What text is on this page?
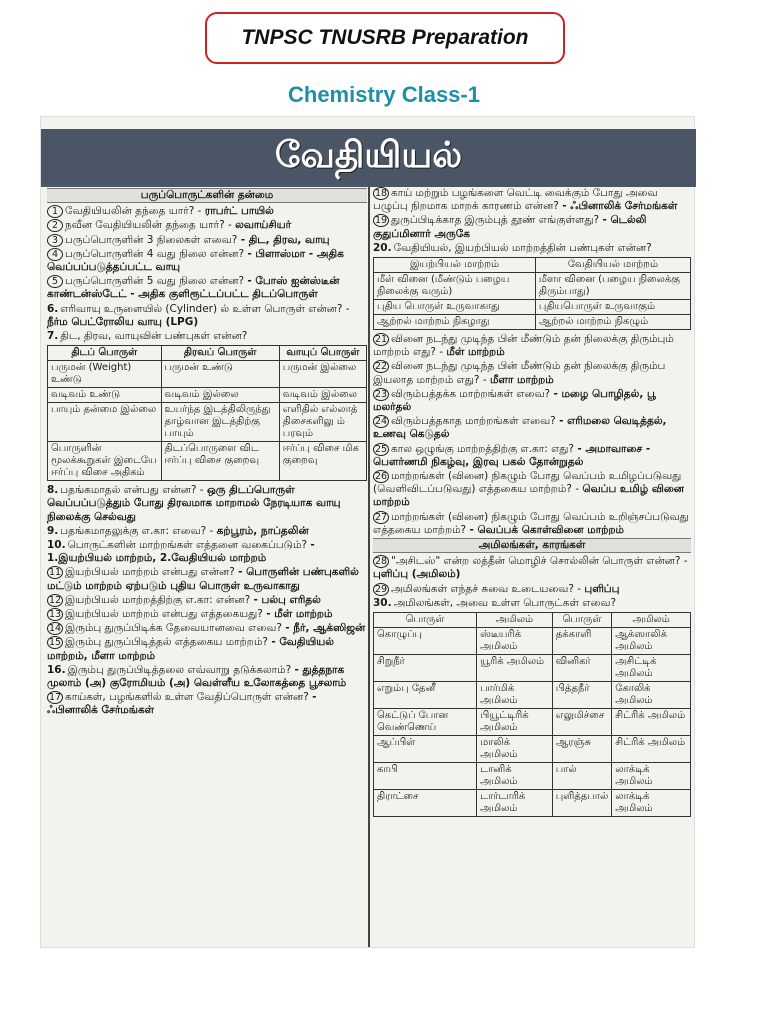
TNPSC TNUSRB Preparation
Chemistry Class-1
வேதியியல்
பருப்பொருட்களின் தன்மை
1 வேதியியலின் தந்தை யார்? - ராபர்ட் பாயில்
2 நவீன வேதியியலின் தந்தை யார்? - லவாய்சியர்
3 பருப்பொருளின் 3 நிலைகள் எவை? - திட, திரவ, வாயு
4 பருப்பொருளின் 4 வது நிலை என்ன? - பிளாஸ்மா - அதிக வெப்பப்படுத்தப்பட்ட வாயு
5 பருப்பொருளின் 5 வது நிலை என்ன? - போஸ் ஐன்ஸ்டீன் காண்டன்ஸ்டேட் - அதிக குளிரூட்டப்பட்ட திடப்பொருள்
6. எரிவாயு உருளையில் (Cylinder) ல் உள்ள பொருள் என்ன? - நீர்ம பெட்ரோலிய வாயு (LPG)
7. திட, திரவ, வாயுவின் பண்புகள் என்ன?
திடப் பொருள்	திரவப் பொருள்	வாயுப் பொருள்
பருமன் (Weight) உண்டு	பருமன் உண்டு	பருமன் இல்லை
வடிவம் உண்டு	வடிவம் இல்லை	வடிவம் இல்லை
பாயும் தன்மை இல்லை	உயர்ந்த இடத்திலிருந்து தாழ்வான இடத்திற்கு பாயும்	எளிதில் எல்லாத் திசைகளிலு ம் பரவும்
பொருளின் மூலக்கூறுகள் இடையே ஈர்ப்பு விசை அதிகம்	திடப்பொருளை விட ஈர்ப்பு விசை குறைவு	ஈர்ப்பு விசை மிக குறைவு
8. பதங்கமாதல் என்பது என்ன? - ஒரு திடப்பொருள் வெப்பப்படுத்தும் போது திரவமாக மாறாமல் நேரடியாக வாயு நிலைக்கு செல்வது
9. பதங்கமாதலுக்கு எ.கா: எவை? - கற்பூரம், நாப்தலின்
10. பொருட்களின் மாற்றங்கள் எத்தனை வகைப்படும்? - 1.இயற்பியல் மாற்றம், 2.வேதியியல் மாற்றம்
11 இயற்பியல் மாற்றம் என்பது என்ன? - பொருளின் பண்புகளில் மட்டும் மாற்றம் ஏற்படும் புதிய பொருள் உருவாகாது
12 இயற்பியல் மாற்றத்திற்கு எ.கா: என்ன? - பல்பு எரிதல்
13 இயற்பியல் மாற்றம் என்பது எத்தகையது? - மீள் மாற்றம்
14 இரும்பு துருப்பிடிக்க தேவையானவை எவை? - நீர், ஆக்ஸிஜன்
15 இரும்பு துருப்பிடித்தல் எத்தகைய மாற்றம்? - வேதியியல் மாற்றம், மீளா மாற்றம்
16. இரும்பு துருப்பிடித்தலை எவ்வாறு தடுக்கலாம்? - துத்தநாக முலாம் (அ) குரோமியம் (அ) வெள்ளீய உலோகத்தை பூசலாம்
17 காய்கள், பழங்களில் உள்ள வேதிப்பொருள் என்ன? - ஃபினாலிக் சேர்மங்கள்
18 காய் மற்றும் பழங்களை வெட்டி வைக்கும் போது அவை பழுப்பு நிறமாக மாறக் காரணம் என்ன? - ஃபினாலிக் சேர்மங்கள்
19 துருப்பிடிக்காத இரும்புத் தூண் எங்குள்ளது? - டெல்லி குதுப்மினார் அருகே
20. வேதியியல், இயற்பியல் மாற்றத்தின் பண்புகள் என்ன?
இயற்பியல் மாற்றம்	வேதியியல் மாற்றம்
மீள் வினை (மீண்டும் பழைய நிலைக்கு வரும்)	மீளா வினை (பழைய நிலைக்கு திரும்பாது)
புதிய பொருள் உருவாகாது	புதியபொருள் உருவாகும்
ஆற்றல் மாற்றம் நிகழாது	ஆற்றல் மாற்றம் நிகழும்
21 வினை நடந்து முடிந்த பின் மீண்டும் தன் நிலைக்கு திரும்பும் மாற்றம் எது? - மீள் மாற்றம்
22 வினை நடந்து முடிந்த பின் மீண்டும் தன் நிலைக்கு திரும்ப இயலாத மாற்றம் எது? - மீளா மாற்றம்
23 விரும்பத்தக்க மாற்றங்கள் எவை? - மழை பொழிதல், பூ மலர்தல்
24 விரும்பத்தகாத மாற்றங்கள் எவை? - எரிமலை வெடித்தல், உணவு கெடுதல்
25 கால ஒழுங்கு மாற்றத்திற்கு எ.கா: எது? - அமாவாசை - பௌர்ணமி நிகழ்வு, இரவு பகல் தோன்றுதல்
26 மாற்றங்கள் (வினை) நிகழும் போது வெப்பம் உமிழப்படுவது (வெளிவிடப்படுவது) எத்தகைய மாற்றம்? - வெப்ப உமிழ் வினை மாற்றம்
27 மாற்றங்கள் (வினை) நிகழும் போது வெப்பம் உறிஞ்சப்படுவது எத்தகைய மாற்றம்? - வெப்பக் கொள்வினை மாற்றம்
அமிலங்கள், காரங்கள்
28 "அசிடஸ்" என்ற லத்தீன் மொழிச் சொல்லின் பொருள் என்ன? - புளிப்பு (அமிலம்)
29 அமிலங்கள் எந்தச் சுவை உடையவை? - புளிப்பு
30. அமிலங்கள், அவை உள்ள பொருட்கள் எவை?
பொருள்	அமிலம்	பொருள்	அமிலம்
கொழுப்பு	ஸ்டீயரிக் அமிலம்	தக்காளி	ஆக்ஸாலிக் அமிலம்
சிறுநீர்	யூரிக் அமிலம்	வினிகர்	அசிட்டிக் அமிலம்
எறும்பு தேனீ	பார்மிக் அமிலம்	பித்தநீர்	கோலிக் அமிலம்
கெட்டுப் போன வெண்ணெய்	பியூட்டிரிக் அமிலம்	எலுமிச்சை	சிட்ரிக் அமிலம்
ஆப்பிள்	மாலிக் அமிலம்	ஆரஞ்சு	சிட்ரிக் அமிலம்
காபி	டானிக் அமிலம்	பால்	லாக்டிக் அமிலம்
திராட்சை	டார்டாரிக் அமிலம்	புளித்தபால்	லாக்டிக் அமிலம்
